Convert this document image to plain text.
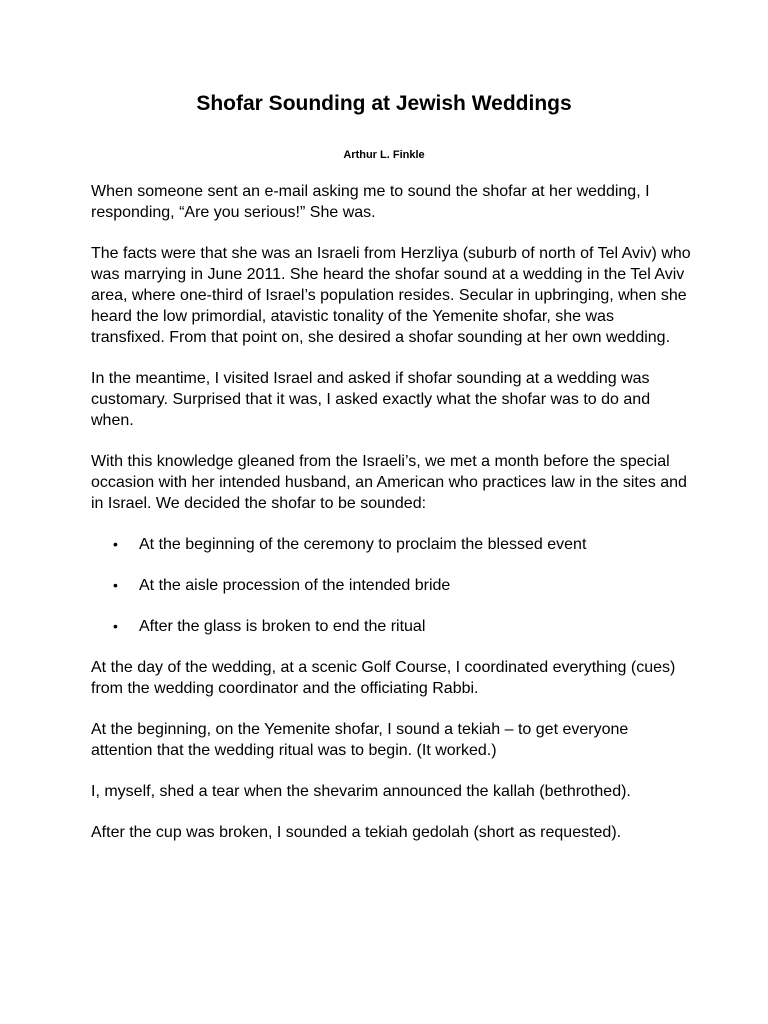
Shofar Sounding at Jewish Weddings
Arthur L. Finkle

When someone sent an e-mail asking me to sound the shofar at her wedding, I responding, “Are you serious!” She was.

The facts were that she was an Israeli from Herzliya (suburb of north of Tel Aviv) who was marrying in June 2011. She heard the shofar sound at a wedding in the Tel Aviv area, where one-third of Israel’s population resides. Secular in upbringing, when she heard the low primordial, atavistic tonality of the Yemenite shofar, she was transfixed. From that point on, she desired a shofar sounding at her own wedding.

In the meantime, I visited Israel and asked if shofar sounding at a wedding was customary. Surprised that it was, I asked exactly what the shofar was to do and when.

With this knowledge gleaned from the Israeli’s, we met a month before the special occasion with her intended husband, an American who practices law in the sites and in Israel. We decided the shofar to be sounded:

• At the beginning of the ceremony to proclaim the blessed event
• At the aisle procession of the intended bride
• After the glass is broken to end the ritual

At the day of the wedding, at a scenic Golf Course, I coordinated everything (cues) from the wedding coordinator and the officiating Rabbi.

At the beginning, on the Yemenite shofar, I sound a tekiah – to get everyone attention that the wedding ritual was to begin. (It worked.)

I, myself, shed a tear when the shevarim announced the kallah (bethrothed).

After the cup was broken, I sounded a tekiah gedolah (short as requested).
